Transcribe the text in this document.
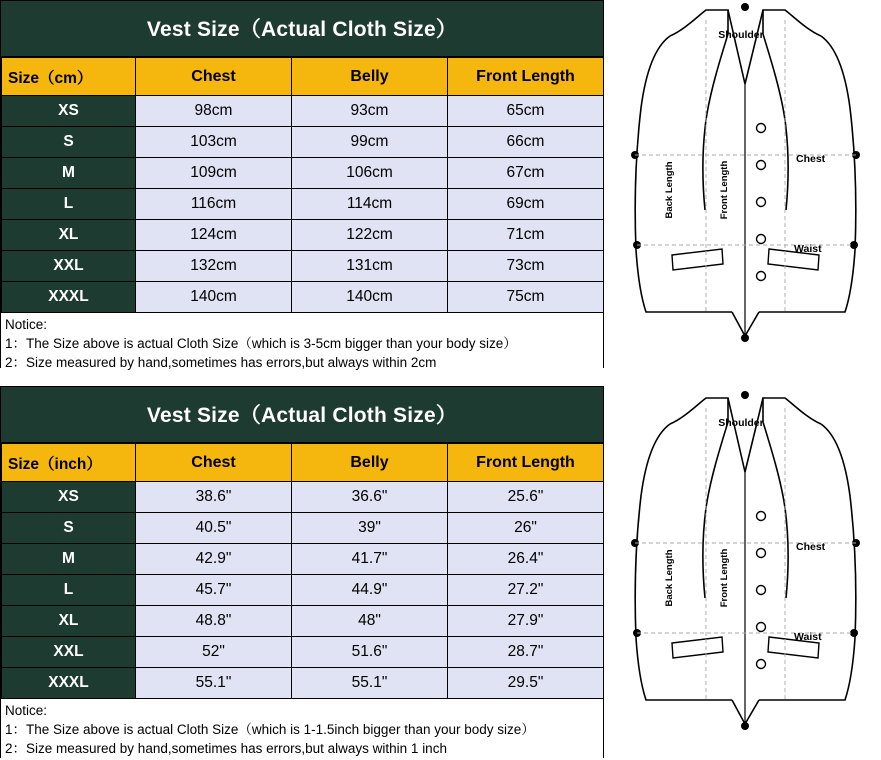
Vest Size（Actual Cloth Size）
Size（cm）	Chest	Belly	Front Length
XS	98cm	93cm	65cm
S	103cm	99cm	66cm
M	109cm	106cm	67cm
L	116cm	114cm	69cm
XL	124cm	122cm	71cm
XXL	132cm	131cm	73cm
XXXL	140cm	140cm	75cm
Notice:
1：The Size above is actual Cloth Size（which is 3-5cm bigger than your body size）
2：Size measured by hand,sometimes has errors,but always within 2cm
Vest Size（Actual Cloth Size）
Size（inch）	Chest	Belly	Front Length
XS	38.6"	36.6"	25.6"
S	40.5"	39"	26"
M	42.9"	41.7"	26.4"
L	45.7"	44.9"	27.2"
XL	48.8"	48"	27.9"
XXL	52"	51.6"	28.7"
XXXL	55.1"	55.1"	29.5"
Notice:
1：The Size above is actual Cloth Size（which is 1-1.5inch bigger than your body size）
2：Size measured by hand,sometimes has errors,but always within 1 inch
Shoulder
Chest
Waist
Back Length	Front Length
Shoulder
Chest
Waist
Back Length	Front Length
